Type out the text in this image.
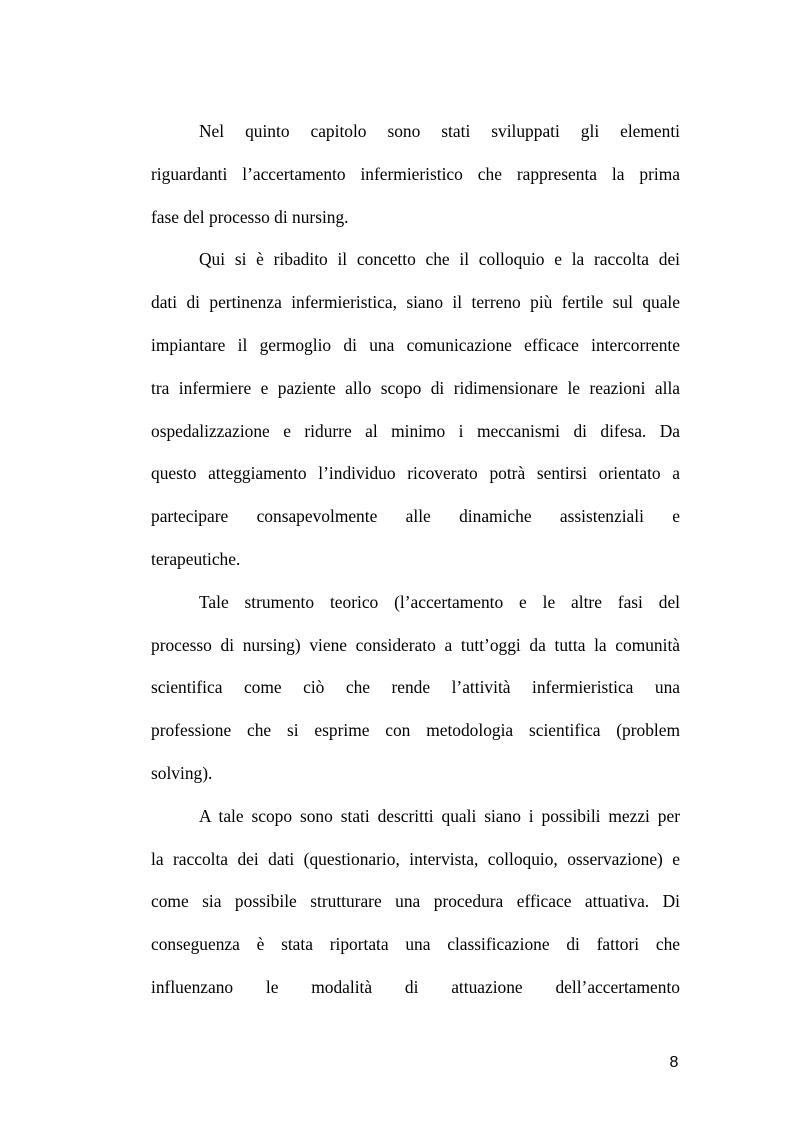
Nel quinto capitolo sono stati sviluppati gli elementi
riguardanti l’accertamento infermieristico che rappresenta la prima
fase del processo di nursing.
Qui si è ribadito il concetto che il colloquio e la raccolta dei
dati di pertinenza infermieristica, siano il terreno più fertile sul quale
impiantare il germoglio di una comunicazione efficace intercorrente
tra infermiere e paziente allo scopo di ridimensionare le reazioni alla
ospedalizzazione e ridurre al minimo i meccanismi di difesa. Da
questo atteggiamento l’individuo ricoverato potrà sentirsi orientato a
partecipare consapevolmente alle dinamiche assistenziali e
terapeutiche.
Tale strumento teorico (l’accertamento e le altre fasi del
processo di nursing) viene considerato a tutt’oggi da tutta la comunità
scientifica come ciò che rende l’attività infermieristica una
professione che si esprime con metodologia scientifica (problem
solving).
A tale scopo sono stati descritti quali siano i possibili mezzi per
la raccolta dei dati (questionario, intervista, colloquio, osservazione) e
come sia possibile strutturare una procedura efficace attuativa. Di
conseguenza è stata riportata una classificazione di fattori che
influenzano le modalità di attuazione dell’accertamento
8
